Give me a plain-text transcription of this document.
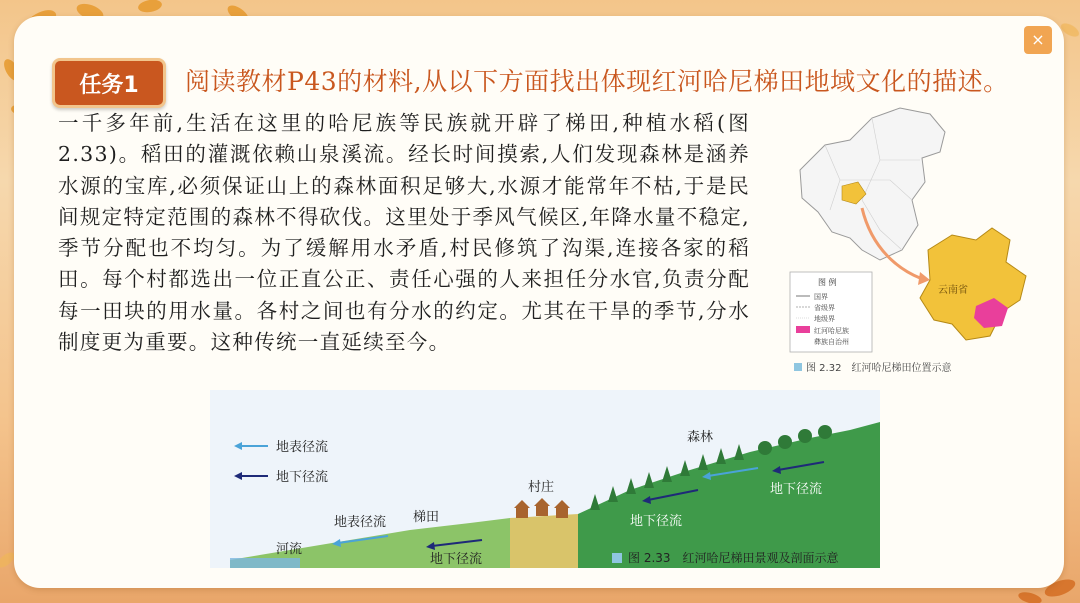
×
任务1	阅读教材P43的材料,从以下方面找出体现红河哈尼梯田地域文化的描述。

一千多年前,生活在这里的哈尼族等民族就开辟了梯田,种植水稻(图2.33)。稻田的灌溉依赖山泉溪流。经长时间摸索,人们发现森林是涵养水源的宝库,必须保证山上的森林面积足够大,水源才能常年不枯,于是民间规定特定范围的森林不得砍伐。这里处于季风气候区,年降水量不稳定,季节分配也不均匀。为了缓解用水矛盾,村民修筑了沟渠,连接各家的稻田。每个村都选出一位正直公正、责任心强的人来担任分水官,负责分配每一田块的用水量。各村之间也有分水的约定。尤其在干旱的季节,分水制度更为重要。这种传统一直延续至今。

云南省
图 例
国界
省级界
地级界
红河哈尼族 彝族自治州
图 2.32　红河哈尼梯田位置示意
地表径流
地下径流
河流
地表径流 梯田
地下径流
村庄
地下径流
森林
地下径流
图 2.33　红河哈尼梯田景观及剖面示意
